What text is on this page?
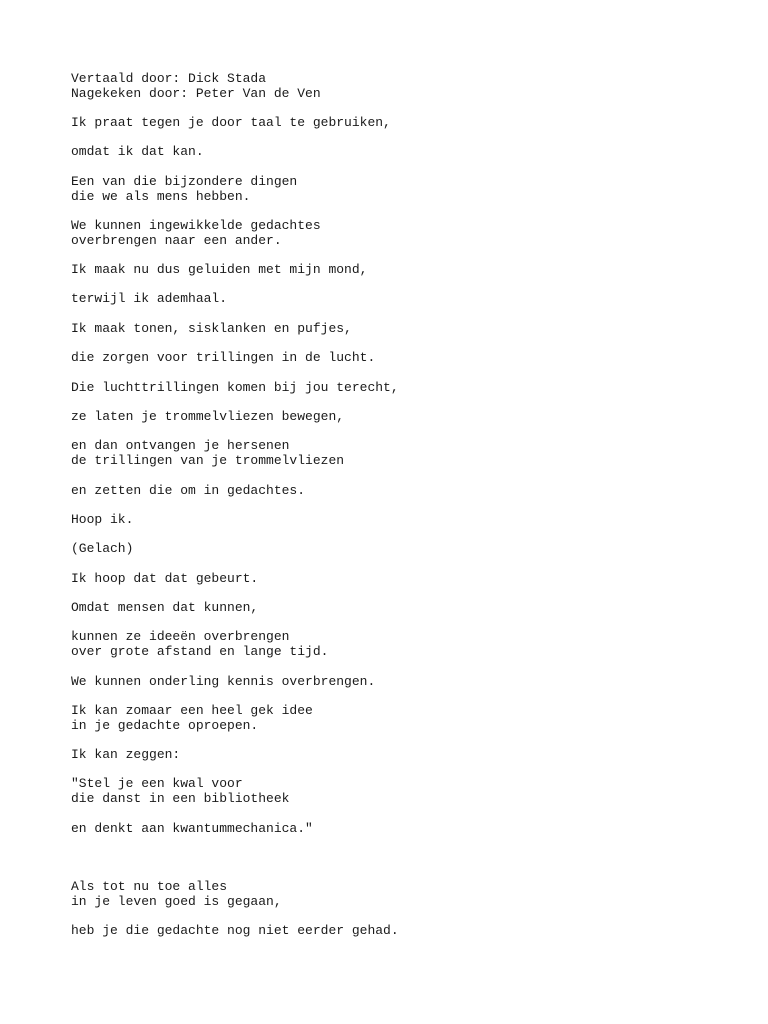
Vertaald door: Dick Stada
Nagekeken door: Peter Van de Ven
Ik praat tegen je door taal te gebruiken,
omdat ik dat kan.
Een van die bijzondere dingen
die we als mens hebben.
We kunnen ingewikkelde gedachtes
overbrengen naar een ander.
Ik maak nu dus geluiden met mijn mond,
terwijl ik ademhaal.
Ik maak tonen, sisklanken en pufjes,
die zorgen voor trillingen in de lucht.
Die luchttrillingen komen bij jou terecht,
ze laten je trommelvliezen bewegen,
en dan ontvangen je hersenen
de trillingen van je trommelvliezen
en zetten die om in gedachtes.
Hoop ik.
(Gelach)
Ik hoop dat dat gebeurt.
Omdat mensen dat kunnen,
kunnen ze ideeën overbrengen
over grote afstand en lange tijd.
We kunnen onderling kennis overbrengen.
Ik kan zomaar een heel gek idee
in je gedachte oproepen.
Ik kan zeggen:
"Stel je een kwal voor
die danst in een bibliotheek
en denkt aan kwantummechanica."
Als tot nu toe alles
in je leven goed is gegaan,
heb je die gedachte nog niet eerder gehad.
